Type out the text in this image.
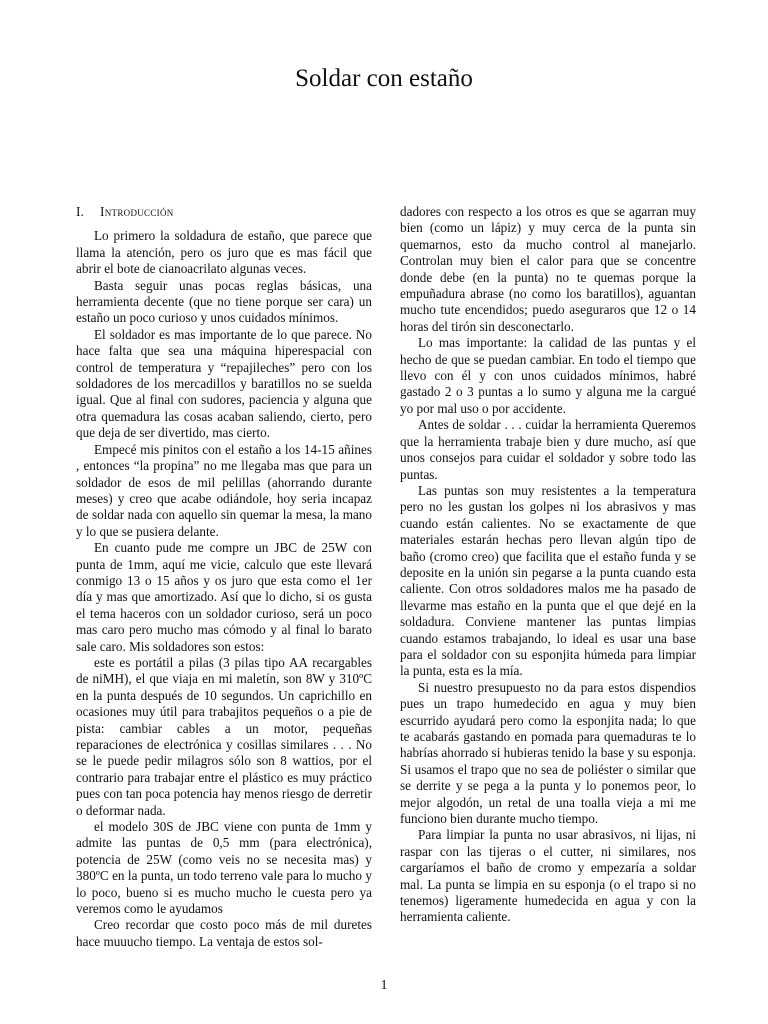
Soldar con estaño
I. Introducción

Lo primero la soldadura de estaño, que parece que llama la atención, pero os juro que es mas fácil que abrir el bote de cianoacrilato algunas veces.

Basta seguir unas pocas reglas básicas, una herramienta decente (que no tiene porque ser cara) un estaño un poco curioso y unos cuidados mínimos.

El soldador es mas importante de lo que parece. No hace falta que sea una máquina hiperespacial con control de temperatura y “repajileches” pero con los soldadores de los mercadillos y baratillos no se suelda igual. Que al final con sudores, paciencia y alguna que otra quemadura las cosas acaban saliendo, cierto, pero que deja de ser divertido, mas cierto.

Empecé mis pinitos con el estaño a los 14-15 añines , entonces “la propina” no me llegaba mas que para un soldador de esos de mil pelillas (ahorrando durante meses) y creo que acabe odiándole, hoy seria incapaz de soldar nada con aquello sin quemar la mesa, la mano y lo que se pusiera delante.

En cuanto pude me compre un JBC de 25W con punta de 1mm, aquí me vicie, calculo que este llevará conmigo 13 o 15 años y os juro que esta como el 1er día y mas que amortizado. Así que lo dicho, si os gusta el tema haceros con un soldador curioso, será un poco mas caro pero mucho mas cómodo y al final lo barato sale caro. Mis soldadores son estos:

este es portátil a pilas (3 pilas tipo AA recargables de niMH), el que viaja en mi maletín, son 8W y 310ºC en la punta después de 10 segundos. Un caprichillo en ocasiones muy útil para trabajitos pequeños o a pie de pista: cambiar cables a un motor, pequeñas reparaciones de electrónica y cosillas similares . . . No se le puede pedir milagros sólo son 8 wattios, por el contrario para trabajar entre el plástico es muy práctico pues con tan poca potencia hay menos riesgo de derretir o deformar nada.

el modelo 30S de JBC viene con punta de 1mm y admite las puntas de 0,5 mm (para electrónica), potencia de 25W (como veis no se necesita mas) y 380ºC en la punta, un todo terreno vale para lo mucho y lo poco, bueno si es mucho mucho le cuesta pero ya veremos como le ayudamos

Creo recordar que costo poco más de mil duretes hace muuucho tiempo. La ventaja de estos sol-

dadores con respecto a los otros es que se agarran muy bien (como un lápiz) y muy cerca de la punta sin quemarnos, esto da mucho control al manejarlo. Controlan muy bien el calor para que se concentre donde debe (en la punta) no te quemas porque la empuñadura abrase (no como los baratillos), aguantan mucho tute encendidos; puedo aseguraros que 12 o 14 horas del tirón sin desconectarlo.

Lo mas importante: la calidad de las puntas y el hecho de que se puedan cambiar. En todo el tiempo que llevo con él y con unos cuidados mínimos, habré gastado 2 o 3 puntas a lo sumo y alguna me la cargué yo por mal uso o por accidente.

Antes de soldar . . . cuidar la herramienta Queremos que la herramienta trabaje bien y dure mucho, así que unos consejos para cuidar el soldador y sobre todo las puntas.

Las puntas son muy resistentes a la temperatura pero no les gustan los golpes ni los abrasivos y mas cuando están calientes. No se exactamente de que materiales estarán hechas pero llevan algún tipo de baño (cromo creo) que facilita que el estaño funda y se deposite en la unión sin pegarse a la punta cuando esta caliente. Con otros soldadores malos me ha pasado de llevarme mas estaño en la punta que el que dejé en la soldadura. Conviene mantener las puntas limpias cuando estamos trabajando, lo ideal es usar una base para el soldador con su esponjita húmeda para limpiar la punta, esta es la mía.

Si nuestro presupuesto no da para estos dispendios pues un trapo humedecido en agua y muy bien escurrido ayudará pero como la esponjita nada; lo que te acabarás gastando en pomada para quemaduras te lo habrías ahorrado si hubieras tenido la base y su esponja. Si usamos el trapo que no sea de poliéster o similar que se derrite y se pega a la punta y lo ponemos peor, lo mejor algodón, un retal de una toalla vieja a mi me funciono bien durante mucho tiempo.

Para limpiar la punta no usar abrasivos, ni lijas, ni raspar con las tijeras o el cutter, ni similares, nos cargaríamos el baño de cromo y empezaría a soldar mal. La punta se limpia en su esponja (o el trapo si no tenemos) ligeramente humedecida en agua y con la herramienta caliente.

1
